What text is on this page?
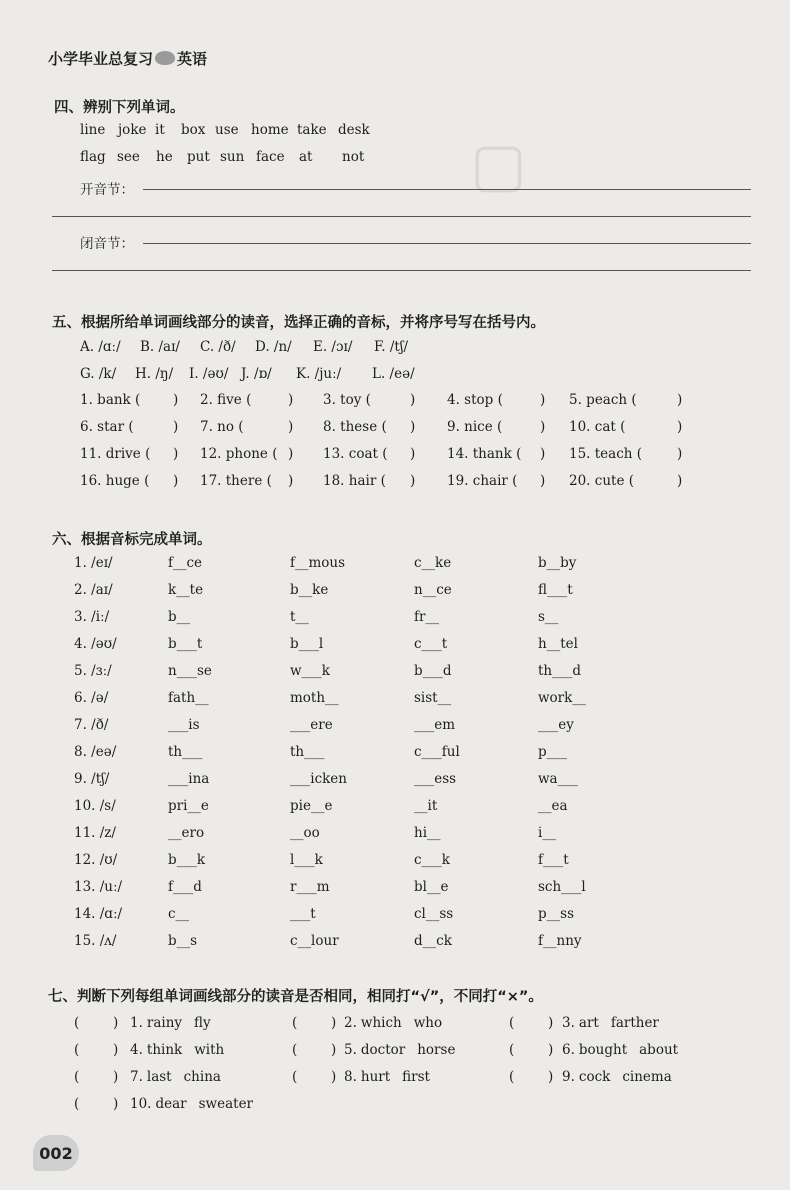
▢
小学毕业总复习 英语
四、辨别下列单词。
开音节：
闭音节：
五、根据所给单词画线部分的读音，选择正确的音标，并将序号写在括号内。
六、根据音标完成单词。
七、判断下列每组单词画线部分的读音是否相同，相同打“√”，不同打“×”。
002
line joke it box use home take desk
flag see he put sun face at not
A. /ɑː/ B. /aɪ/ C. /ð/ D. /n/ E. /ɔɪ/ F. /tʃ/
G. /k/ H. /ŋ/ I. /əʊ/ J. /ɒ/ K. /juː/ L. /eə/
1. bank ( ) 2. five (	) 3. toy (	) 4. stop (	) 5. peach (	)
6. star (	) 7. no (	) 8. these ( ) 9. nice (	) 10. cat (	)
11. drive ( ) 12. phone ( ) 13. coat ( ) 14. thank ( ) 15. teach (	)
16. huge ( ) 17. there ( ) 18. hair ( ) 19. chair ( ) 20. cute (	)
1. /eɪ/	f__ce	f__mous	c__ke	b__by
2. /aɪ/	k__te	b__ke	n__ce	fl___t
3. /iː/	b__	t__	fr__	s__
4. /əʊ/	b___t	b___l	c___t	h__tel
5. /ɜː/	n___se	w___k	b___d	th___d
6. /ə/	fath__	moth__	sist__	work__
7. /ð/	___is	___ere	___em	___ey
8. /eə/	th___	th___	c___ful	p___
9. /tʃ/	___ina	___icken	___ess	wa___
10. /s/	pri__e	pie__e	__it	__ea
11. /z/	__ero	__oo	hi__	i__
12. /ʊ/	b___k	l___k	c___k	f___t
13. /uː/	f___d	r___m	bl__e	sch___l
14. /ɑː/	c__	___t	cl__ss	p__ss
15. /ʌ/	b__s	c__lour	d__ck	f__nny
( ) 1. rainy fly	( ) 2. which who	( ) 3. art farther
( ) 4. think with	( ) 5. doctor horse	( ) 6. bought about
( ) 7. last china	( ) 8. hurt first	( ) 9. cock cinema
( ) 10. dear sweater
